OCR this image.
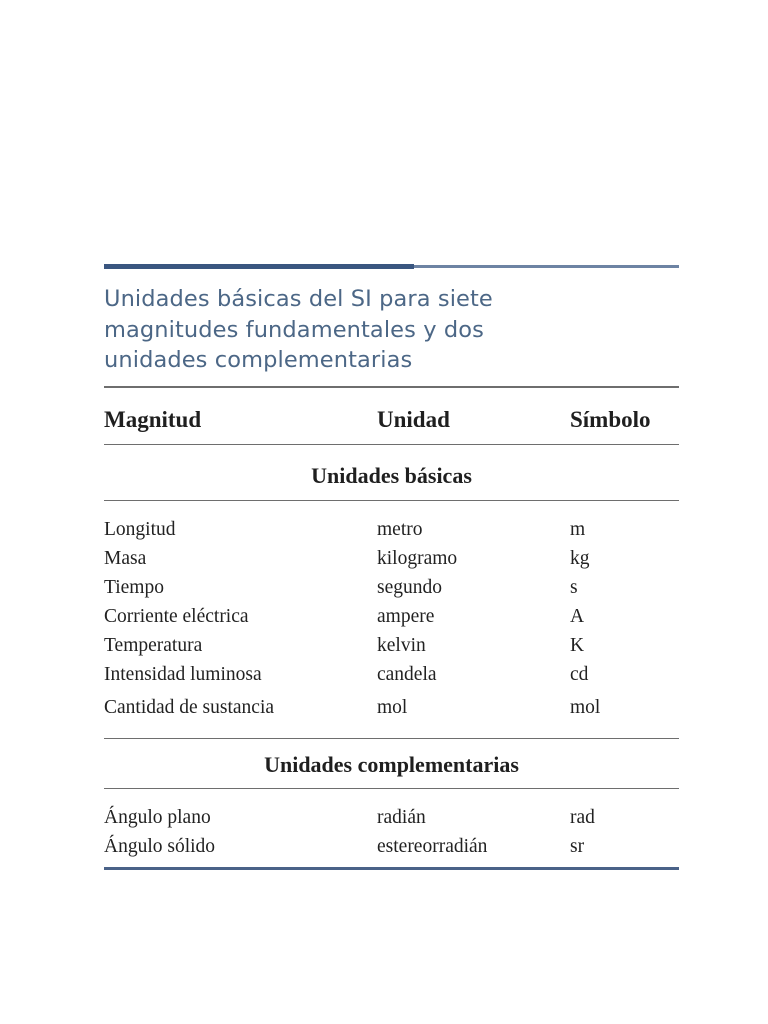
Unidades básicas del SI para siete
magnitudes fundamentales y dos
unidades complementarias
Magnitud	Unidad	Símbolo
Unidades básicas
Longitud	metro	m
Masa	kilogramo	kg
Tiempo	segundo	s
Corriente eléctrica	ampere	A
Temperatura	kelvin	K
Intensidad luminosa	candela	cd
Cantidad de sustancia	mol	mol
Unidades complementarias
Ángulo plano	radián	rad
Ángulo sólido	estereorradián	sr
